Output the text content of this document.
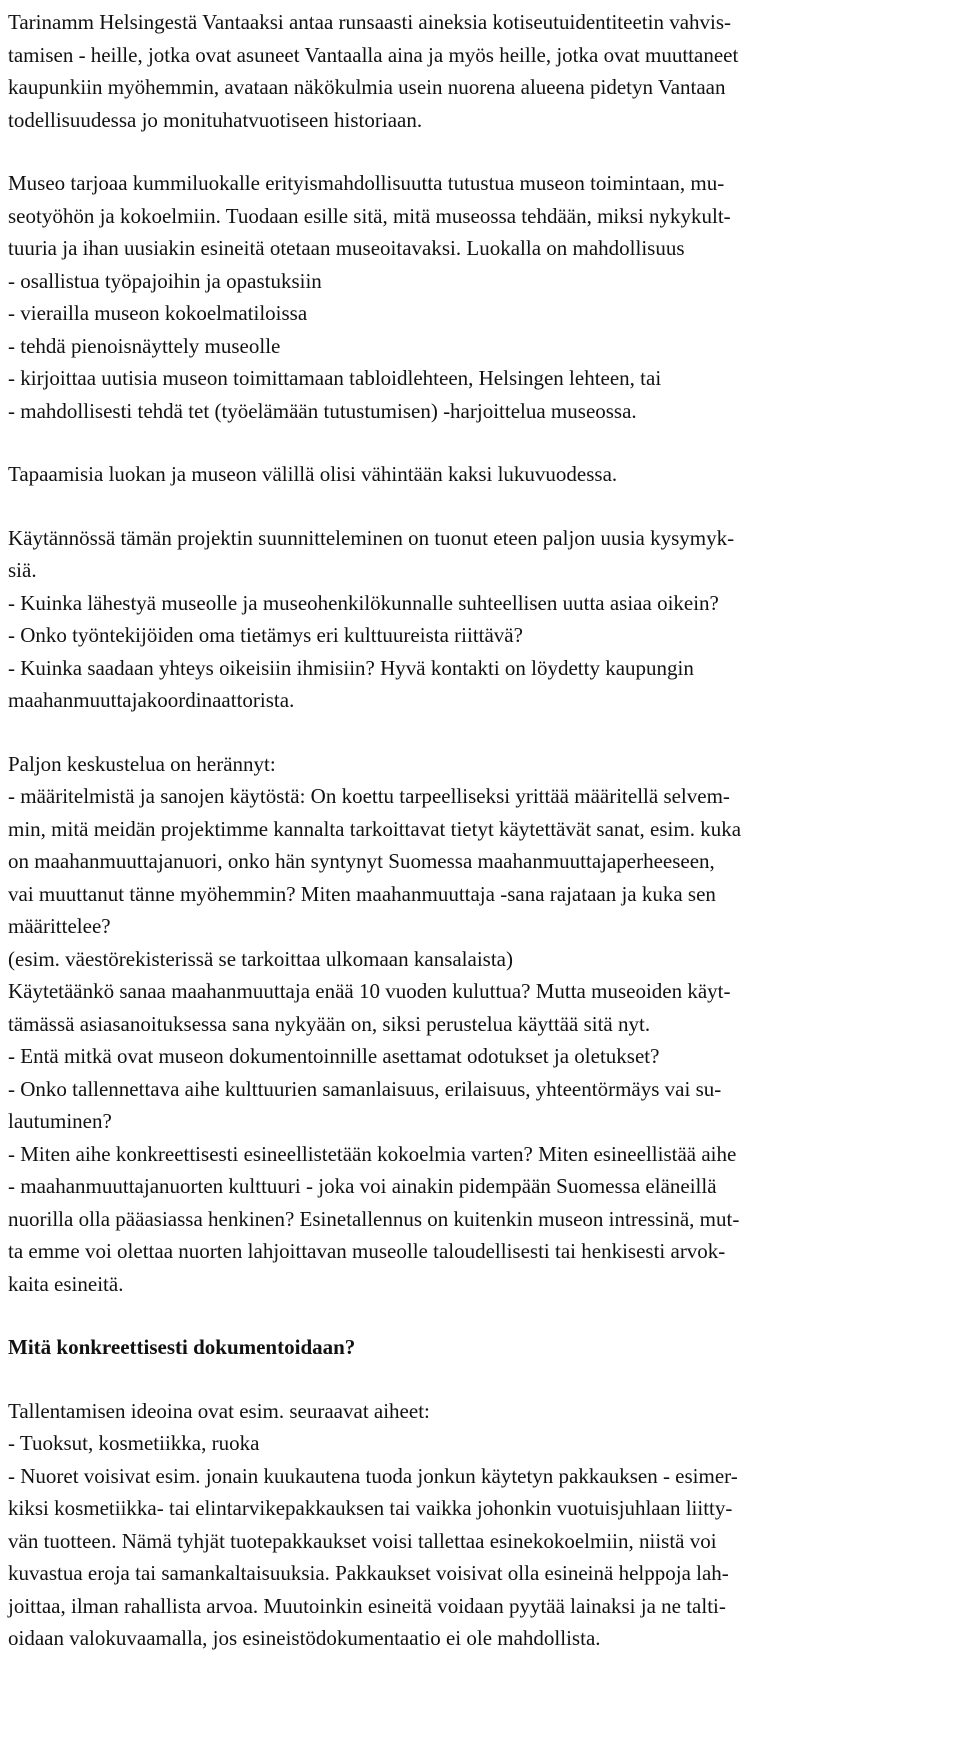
Tarinamm Helsingestä Vantaaksi antaa runsaasti aineksia kotiseutuidentiteetin vahvis-
tamisen - heille, jotka ovat asuneet Vantaalla aina ja myös heille, jotka ovat muuttaneet
kaupunkiin myöhemmin, avataan näkökulmia usein nuorena alueena pidetyn Vantaan
todellisuudessa jo monituhatvuotiseen historiaan.
Museo tarjoaa kummiluokalle erityismahdollisuutta tutustua museon toimintaan, mu-
seotyöhön ja kokoelmiin. Tuodaan esille sitä, mitä museossa tehdään, miksi nykykult-
tuuria ja ihan uusiakin esineitä otetaan museoitavaksi. Luokalla on mahdollisuus
- osallistua työpajoihin ja opastuksiin
- vierailla museon kokoelmatiloissa
- tehdä pienoisnäyttely museolle
- kirjoittaa uutisia museon toimittamaan tabloidlehteen, Helsingen lehteen, tai
- mahdollisesti tehdä tet (työelämään tutustumisen) -harjoittelua museossa.
Tapaamisia luokan ja museon välillä olisi vähintään kaksi lukuvuodessa.
Käytännössä tämän projektin suunnitteleminen on tuonut eteen paljon uusia kysymyk-
siä.
- Kuinka lähestyä museolle ja museohenkilökunnalle suhteellisen uutta asiaa oikein?
- Onko työntekijöiden oma tietämys eri kulttuureista riittävä?
- Kuinka saadaan yhteys oikeisiin ihmisiin? Hyvä kontakti on löydetty kaupungin
maahanmuuttajakoordinaattorista.
Paljon keskustelua on herännyt:
- määritelmistä ja sanojen käytöstä: On koettu tarpeelliseksi yrittää määritellä selvem-
min, mitä meidän projektimme kannalta tarkoittavat tietyt käytettävät sanat, esim. kuka
on maahanmuuttajanuori, onko hän syntynyt Suomessa maahanmuuttajaperheeseen,
vai muuttanut tänne myöhemmin? Miten maahanmuuttaja -sana rajataan ja kuka sen
määrittelee?
(esim. väestörekisterissä se tarkoittaa ulkomaan kansalaista)
Käytetäänkö sanaa maahanmuuttaja enää 10 vuoden kuluttua? Mutta museoiden käyt-
tämässä asiasanoituksessa sana nykyään on, siksi perustelua käyttää sitä nyt.
- Entä mitkä ovat museon dokumentoinnille asettamat odotukset ja oletukset?
- Onko tallennettava aihe kulttuurien samanlaisuus, erilaisuus, yhteentörmäys vai su-
lautuminen?
- Miten aihe konkreettisesti esineellistetään kokoelmia varten? Miten esineellistää aihe
- maahanmuuttajanuorten kulttuuri - joka voi ainakin pidempään Suomessa eläneillä
nuorilla olla pääasiassa henkinen? Esinetallennus on kuitenkin museon intressinä, mut-
ta emme voi olettaa nuorten lahjoittavan museolle taloudellisesti tai henkisesti arvok-
kaita esineitä.
Mitä konkreettisesti dokumentoidaan?
Tallentamisen ideoina ovat esim. seuraavat aiheet:
- Tuoksut, kosmetiikka, ruoka
- Nuoret voisivat esim. jonain kuukautena tuoda jonkun käytetyn pakkauksen - esimer-
kiksi kosmetiikka- tai elintarvikepakkauksen tai vaikka johonkin vuotuisjuhlaan liitty-
vän tuotteen. Nämä tyhjät tuotepakkaukset voisi tallettaa esinekokoelmiin, niistä voi
kuvastua eroja tai samankaltaisuuksia. Pakkaukset voisivat olla esineinä helppoja lah-
joittaa, ilman rahallista arvoa. Muutoinkin esineitä voidaan pyytää lainaksi ja ne talti-
oidaan valokuvaamalla, jos esineistödokumentaatio ei ole mahdollista.
